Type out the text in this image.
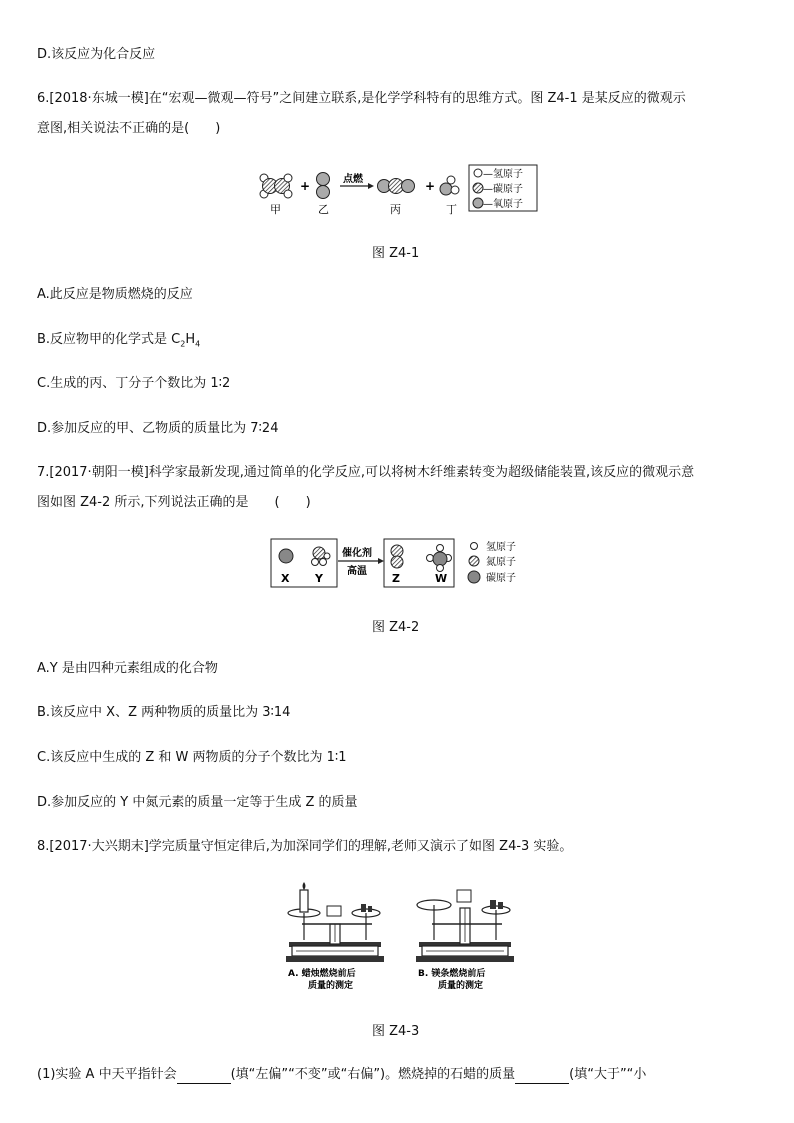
D.该反应为化合反应
6.[2018·东城一模]在“宏观—微观—符号”之间建立联系,是化学学科特有的思维方式。图 Z4-1 是某反应的微观示
意图,相关说法不正确的是(　　)
甲
+
乙
点燃
丙
+
丁
—氢原子
—碳原子
—氧原子
图 Z4-1
A.此反应是物质燃烧的反应
B.反应物甲的化学式是 $C_2H_4$
C.生成的丙、丁分子个数比为 1∶2
D.参加反应的甲、乙物质的质量比为 7∶24
7.[2017·朝阳一模]科学家最新发现,通过简单的化学反应,可以将树木纤维素转变为超级储能装置,该反应的微观示意
图如图 Z4-2 所示,下列说法正确的是　　(　　)
X Y
催化剂
高温
Z	W
氢原子
氮原子
碳原子
图 Z4-2
A.Y 是由四种元素组成的化合物
B.该反应中 X、Z 两种物质的质量比为 3∶14
C.该反应中生成的 Z 和 W 两物质的分子个数比为 1∶1
D.参加反应的 Y 中氮元素的质量一定等于生成 Z 的质量
8.[2017·大兴期末]学完质量守恒定律后,为加深同学们的理解,老师又演示了如图 Z4-3 实验。
A. 蜡烛燃烧前后
质量的测定
B. 镁条燃烧前后
质量的测定
图 Z4-3
(1)实验 A 中天平指针会	(填“左偏”“不变”或“右偏”)。燃烧掉的石蜡的质量	(填“大于”“小
